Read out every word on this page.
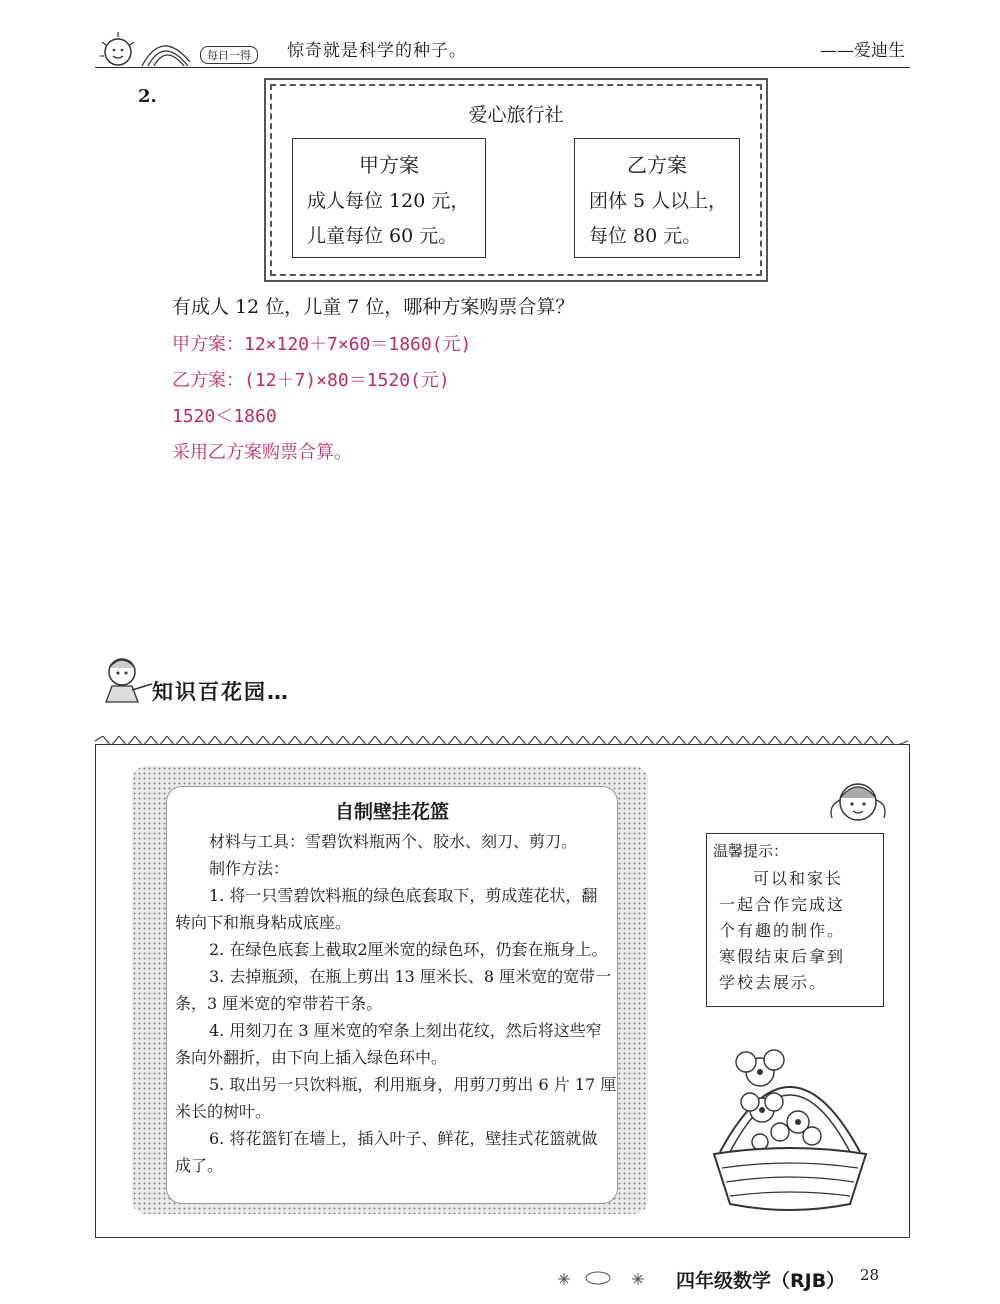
每日一得	惊奇就是科学的种子。	——爱迪生
2.
爱心旅行社
甲方案
成人每位 120 元，
儿童每位 60 元。
乙方案
团体 5 人以上，
每位 80 元。
有成人 12 位，儿童 7 位，哪种方案购票合算？
甲方案：12×120＋7×60＝1860(元)
乙方案：(12＋7)×80＝1520(元)
1520＜1860
采用乙方案购票合算。
知识百花园…
自制壁挂花篮
材料与工具：雪碧饮料瓶两个、胶水、刻刀、剪刀。
制作方法：
1. 将一只雪碧饮料瓶的绿色底套取下，剪成莲花状，翻
转向下和瓶身粘成底座。
2. 在绿色底套上截取2厘米宽的绿色环，仍套在瓶身上。
3. 去掉瓶颈，在瓶上剪出 13 厘米长、8 厘米宽的宽带一
条，3 厘米宽的窄带若干条。
4. 用刻刀在 3 厘米宽的窄条上刻出花纹，然后将这些窄
条向外翻折，由下向上插入绿色环中。
5. 取出另一只饮料瓶，利用瓶身，用剪刀剪出 6 片 17 厘
米长的树叶。
6. 将花篮钉在墙上，插入叶子、鲜花，壁挂式花篮就做
成了。
温馨提示：
可以和家长
一起合作完成这
个有趣的制作。
寒假结束后拿到
学校去展示。
四年级数学（RJB） 28
